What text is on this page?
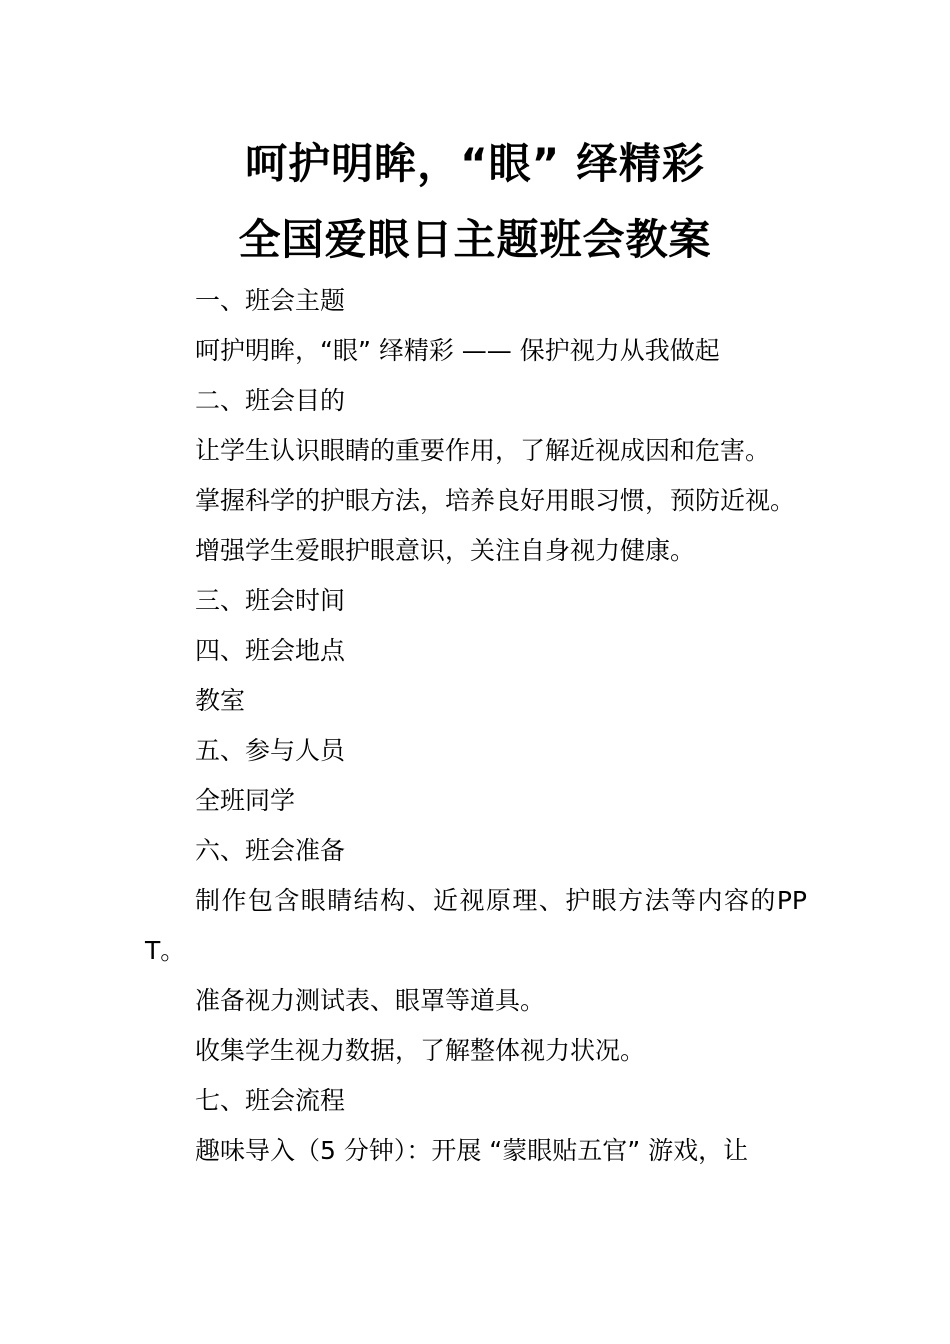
呵护明眸，“眼” 绎精彩
全国爱眼日主题班会教案

一、班会主题

呵护明眸，“眼” 绎精彩 —— 保护视力从我做起

二、班会目的

让学生认识眼睛的重要作用，了解近视成因和危害。

掌握科学的护眼方法，培养良好用眼习惯，预防近视。

增强学生爱眼护眼意识，关注自身视力健康。

三、班会时间

四、班会地点

教室

五、参与人员

全班同学

六、班会准备

制作包含眼睛结构、近视原理、护眼方法等内容的PPT。

准备视力测试表、眼罩等道具。

收集学生视力数据，了解整体视力状况。

七、班会流程

趣味导入（5 分钟）：开展 “蒙眼贴五官” 游戏，让
